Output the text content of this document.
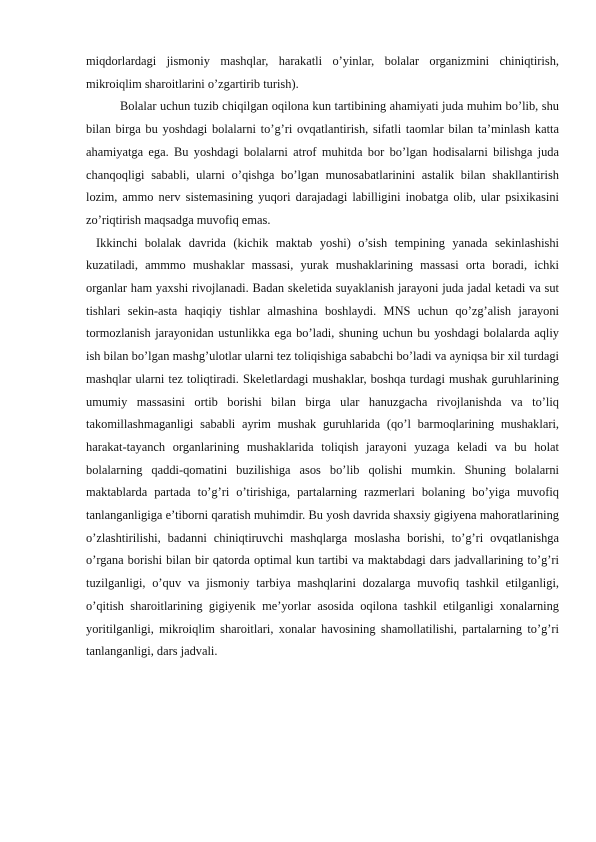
miqdorlardagi jismoniy mashqlar, harakatli o’yinlar, bolalar organizmini chiniqtirish, mikroiqlim sharoitlarini o’zgartirib turish).

Bolalar uchun tuzib chiqilgan oqilona kun tartibining ahamiyati juda muhim bo’lib, shu bilan birga bu yoshdagi bolalarni to’g’ri ovqatlantirish, sifatli taomlar bilan ta’minlash katta ahamiyatga ega. Bu yoshdagi bolalarni atrof muhitda bor bo’lgan hodisalarni bilishga juda chanqoqligi sababli, ularni o’qishga bo’lgan munosabatlarinini astalik bilan shakllantirish lozim, ammo nerv sistemasining yuqori darajadagi labilligini inobatga olib, ular psixikasini zo’riqtirish maqsadga muvofiq emas.

Ikkinchi bolalak davrida (kichik maktab yoshi) o’sish tempining yanada sekinlashishi kuzatiladi, ammmo mushaklar massasi, yurak mushaklarining massasi orta boradi, ichki organlar ham yaxshi rivojlanadi. Badan skeletida suyaklanish jarayoni juda jadal ketadi va sut tishlari sekin-asta haqiqiy tishlar almashina boshlaydi. MNS uchun qo’zg’alish jarayoni tormozlanish jarayonidan ustunlikka ega bo’ladi, shuning uchun bu yoshdagi bolalarda aqliy ish bilan bo’lgan mashg’ulotlar ularni tez toliqishiga sababchi bo’ladi va ayniqsa bir xil turdagi mashqlar ularni tez toliqtiradi. Skeletlardagi mushaklar, boshqa turdagi mushak guruhlarining umumiy massasini ortib borishi bilan birga ular hanuzgacha rivojlanishda va to’liq takomillashmaganligi sababli ayrim mushak guruhlarida (qo’l barmoqlarining mushaklari, harakat-tayanch organlarining mushaklarida toliqish jarayoni yuzaga keladi va bu holat bolalarning qaddi-qomatini buzilishiga asos bo’lib qolishi mumkin. Shuning bolalarni maktablarda partada to’g’ri o’tirishiga, partalarning razmerlari bolaning bo’yiga muvofiq tanlanganligiga e’tiborni qaratish muhimdir. Bu yosh davrida shaxsiy gigiyena mahoratlarining o’zlashtirilishi, badanni chiniqtiruvchi mashqlarga moslasha borishi, to’g’ri ovqatlanishga o’rgana borishi bilan bir qatorda optimal kun tartibi va maktabdagi dars jadvallarining to’g’ri tuzilganligi, o’quv va jismoniy tarbiya mashqlarini dozalarga muvofiq tashkil etilganligi, o’qitish sharoitlarining gigiyenik me’yorlar asosida oqilona tashkil etilganligi xonalarning yoritilganligi, mikroiqlim sharoitlari, xonalar havosining shamollatilishi, partalarning to’g’ri tanlanganligi, dars jadvali.
